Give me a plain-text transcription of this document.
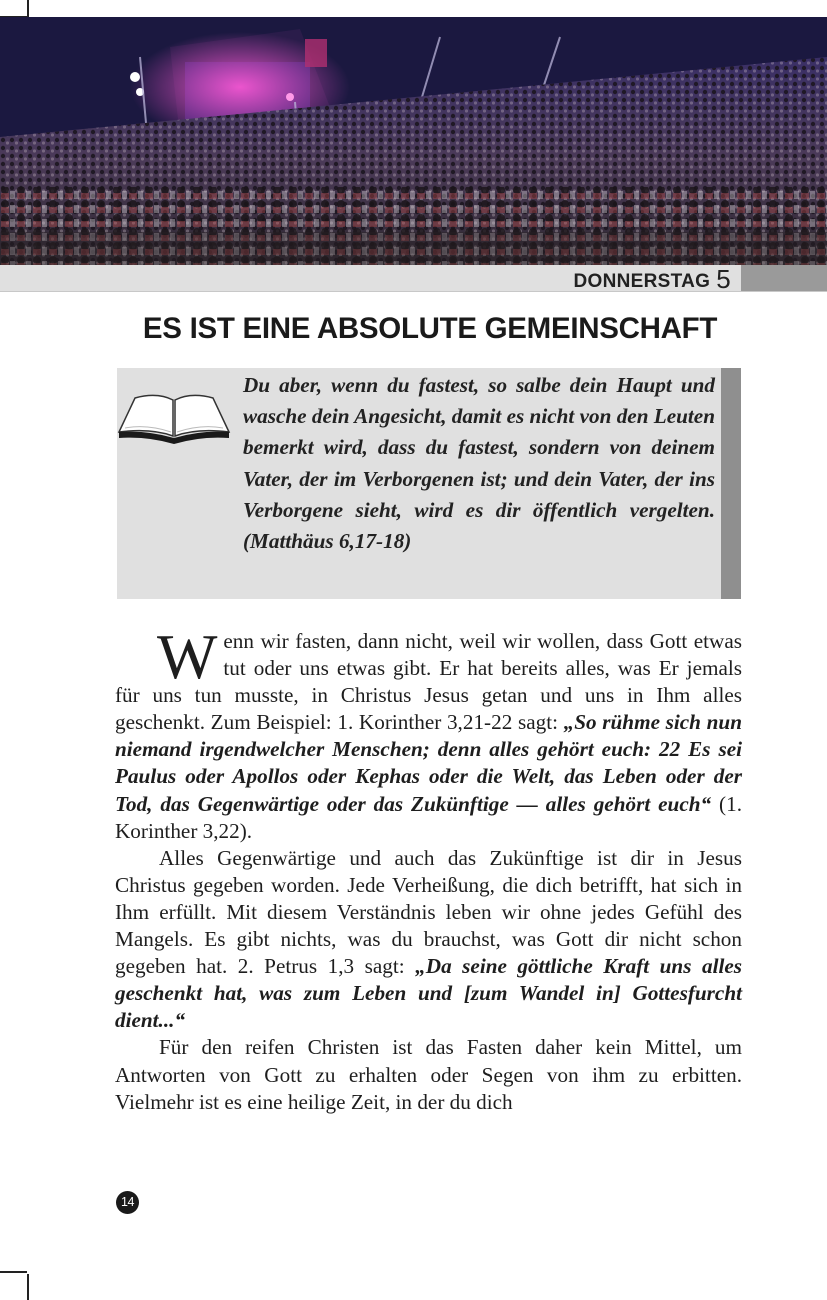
DONNERSTAG 5
ES IST EINE ABSOLUTE GEMEINSCHAFT
Du aber, wenn du fastest, so salbe dein Haupt und wasche dein Angesicht, damit es nicht von den Leuten bemerkt wird, dass du fastest, sondern von deinem Vater, der im Verborgenen ist; und dein Vater, der ins Verborgene sieht, wird es dir öffentlich vergelten. (Matthäus 6,17-18)

Wenn wir fasten, dann nicht, weil wir wollen, dass Gott etwas tut oder uns etwas gibt. Er hat bereits alles, was Er jemals für uns tun musste, in Christus Jesus getan und uns in Ihm alles geschenkt. Zum Beispiel: 1. Korinther 3,21-22 sagt: „So rühme sich nun niemand irgendwelcher Menschen; denn alles gehört euch: 22 Es sei Paulus oder Apollos oder Kephas oder die Welt, das Leben oder der Tod, das Gegenwärtige oder das Zukünftige — alles gehört euch“ (1. Korinther 3,22).

Alles Gegenwärtige und auch das Zukünftige ist dir in Jesus Christus gegeben worden. Jede Verheißung, die dich betrifft, hat sich in Ihm erfüllt. Mit diesem Verständnis leben wir ohne jedes Gefühl des Mangels. Es gibt nichts, was du brauchst, was Gott dir nicht schon gegeben hat. 2. Petrus 1,3 sagt: „Da seine göttliche Kraft uns alles geschenkt hat, was zum Leben und [zum Wandel in] Gottesfurcht dient...“

Für den reifen Christen ist das Fasten daher kein Mittel, um Antworten von Gott zu erhalten oder Segen von ihm zu erbitten. Vielmehr ist es eine heilige Zeit, in der du dich

14
